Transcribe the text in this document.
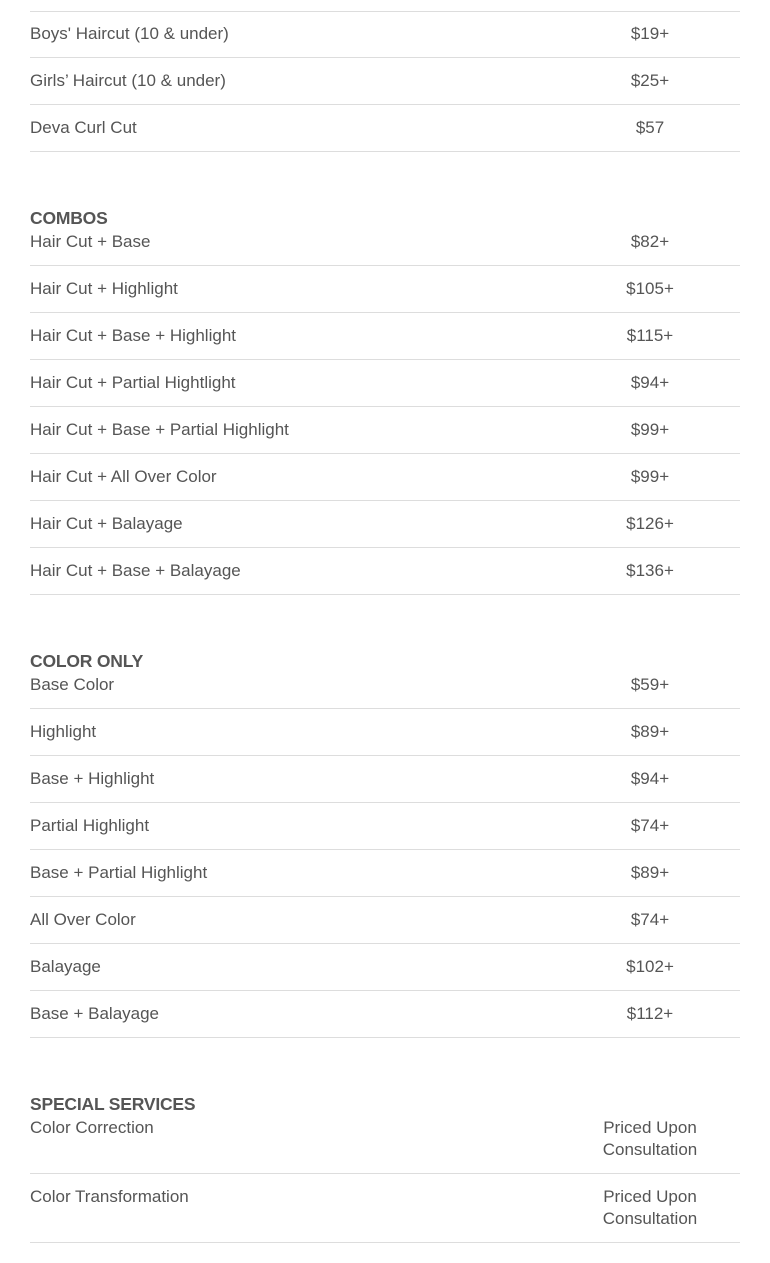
Boys' Haircut (10 & under)	$19+
Girls’ Haircut (10 & under)	$25+
Deva Curl Cut	$57
COMBOS
Hair Cut + Base	$82+
Hair Cut + Highlight	$105+
Hair Cut + Base + Highlight	$115+
Hair Cut + Partial Hightlight	$94+
Hair Cut + Base + Partial Highlight	$99+
Hair Cut + All Over Color	$99+
Hair Cut + Balayage	$126+
Hair Cut + Base + Balayage	$136+
COLOR ONLY
Base Color	$59+
Highlight	$89+
Base + Highlight	$94+
Partial Highlight	$74+
Base + Partial Highlight	$89+
All Over Color	$74+
Balayage	$102+
Base + Balayage	$112+
SPECIAL SERVICES
Color Correction	Priced Upon
Consultation
Color Transformation	Priced Upon
Consultation
